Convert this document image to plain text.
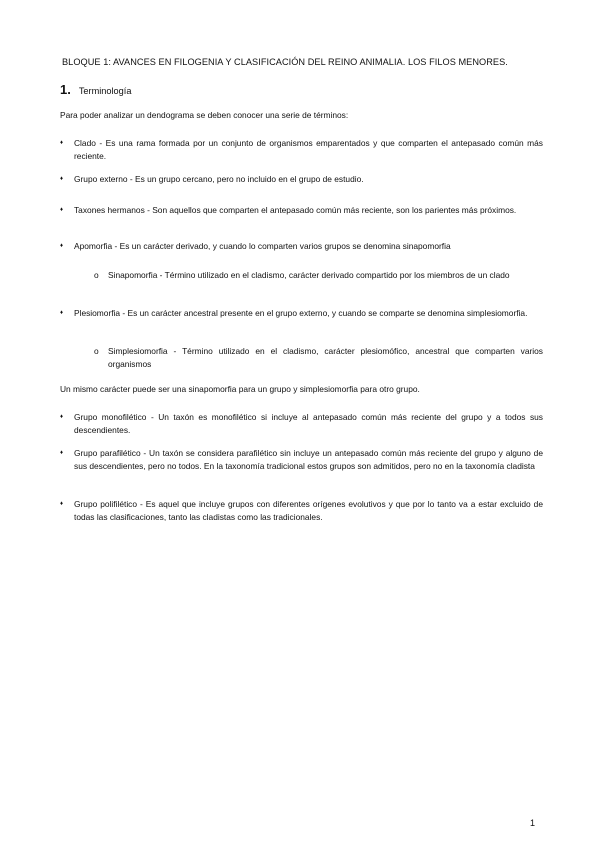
BLOQUE 1: AVANCES EN FILOGENIA Y CLASIFICACIÓN DEL REINO ANIMALIA. LOS FILOS MENORES.
1. Terminología
Para poder analizar un dendograma se deben conocer una serie de términos:
♦	Clado - Es una rama formada por un conjunto de organismos emparentados y que comparten el antepasado común más reciente.
♦	Grupo externo - Es un grupo cercano, pero no incluido en el grupo de estudio.
♦	Taxones hermanos - Son aquellos que comparten el antepasado común más reciente, son los parientes más próximos.
♦	Apomorfia - Es un carácter derivado, y cuando lo comparten varios grupos se denomina sinapomorfia
o	Sinapomorfia - Término utilizado en el cladismo, carácter derivado compartido por los miembros de un clado
♦	Plesiomorfia - Es un carácter ancestral presente en el grupo externo, y cuando se comparte se denomina simplesiomorfia.
o	Simplesiomorfia - Término utilizado en el cladismo, carácter plesiomófico, ancestral que comparten varios organismos
Un mismo carácter puede ser una sinapomorfia para un grupo y simplesiomorfia para otro grupo.
♦	Grupo monofilético - Un taxón es monofilético si incluye al antepasado común más reciente del grupo y a todos sus descendientes.
♦	Grupo parafilético - Un taxón se considera parafilético sin incluye un antepasado común más reciente del grupo y alguno de sus descendientes, pero no todos. En la taxonomía tradicional estos grupos son admitidos, pero no en la taxonomía cladista
♦	Grupo polifilético - Es aquel que incluye grupos con diferentes orígenes evolutivos y que por lo tanto va a estar excluido de todas las clasificaciones, tanto las cladistas como las tradicionales.
1
